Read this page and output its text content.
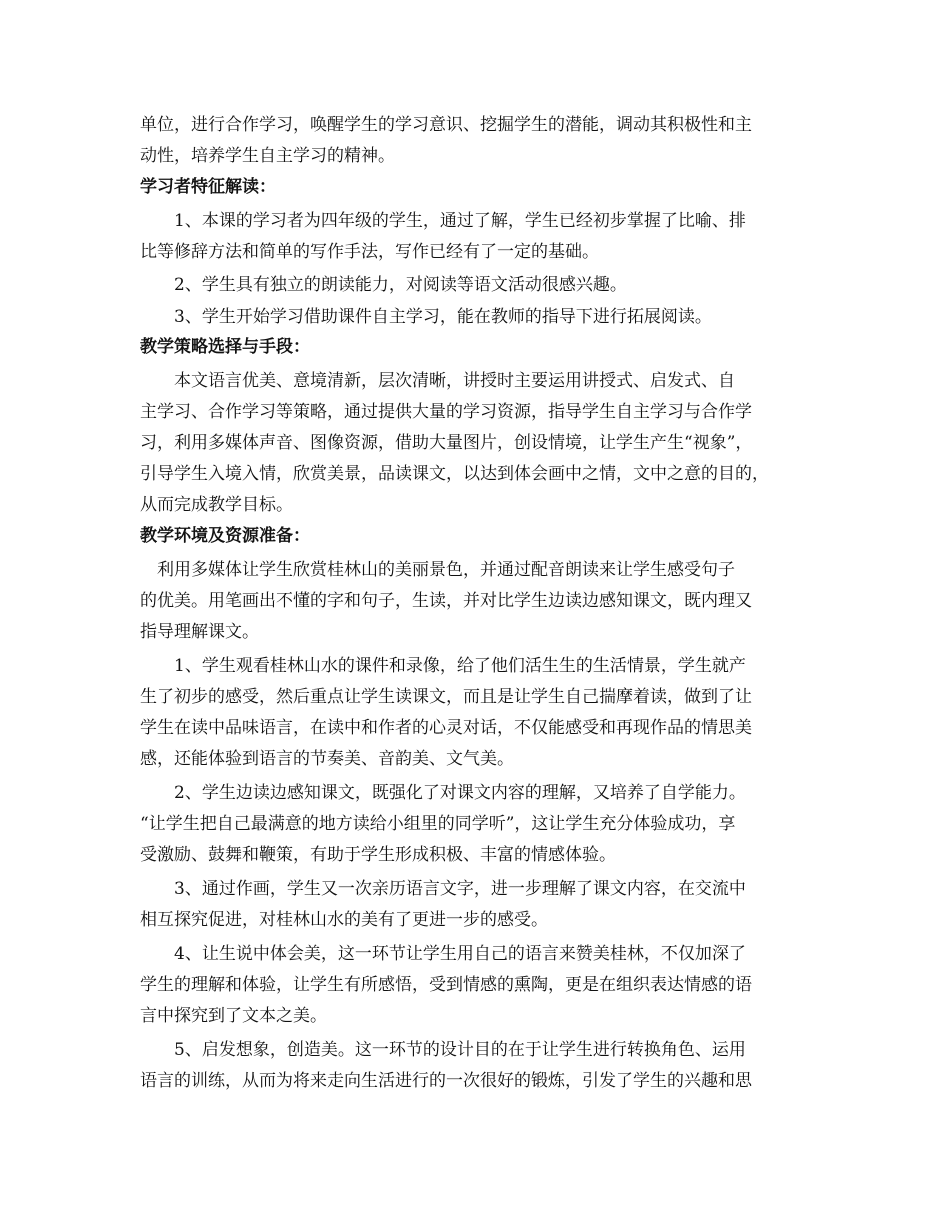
单位，进行合作学习，唤醒学生的学习意识、挖掘学生的潜能，调动其积极性和主
动性，培养学生自主学习的精神。
学习者特征解读：
　　1、本课的学习者为四年级的学生，通过了解，学生已经初步掌握了比喻、排
比等修辞方法和简单的写作手法，写作已经有了一定的基础。
　　2、学生具有独立的朗读能力，对阅读等语文活动很感兴趣。
　　3、学生开始学习借助课件自主学习，能在教师的指导下进行拓展阅读。
教学策略选择与手段：
　　本文语言优美、意境清新，层次清晰，讲授时主要运用讲授式、启发式、自
主学习、合作学习等策略，通过提供大量的学习资源，指导学生自主学习与合作学
习，利用多媒体声音、图像资源，借助大量图片，创设情境，让学生产生“视象”，
引导学生入境入情，欣赏美景，品读课文，以达到体会画中之情，文中之意的目的，
从而完成教学目标。
教学环境及资源准备：
　利用多媒体让学生欣赏桂林山的美丽景色，并通过配音朗读来让学生感受句子
的优美。用笔画出不懂的字和句子，生读，并对比学生边读边感知课文，既内理又
指导理解课文。
　　1、学生观看桂林山水的课件和录像，给了他们活生生的生活情景，学生就产
生了初步的感受，然后重点让学生读课文，而且是让学生自己揣摩着读，做到了让
学生在读中品味语言，在读中和作者的心灵对话，不仅能感受和再现作品的情思美
感，还能体验到语言的节奏美、音韵美、文气美。
　　2、学生边读边感知课文，既强化了对课文内容的理解，又培养了自学能力。
“让学生把自己最满意的地方读给小组里的同学听”，这让学生充分体验成功，享
受激励、鼓舞和鞭策，有助于学生形成积极、丰富的情感体验。
　　3、通过作画，学生又一次亲历语言文字，进一步理解了课文内容，在交流中
相互探究促进，对桂林山水的美有了更进一步的感受。
　　4、让生说中体会美，这一环节让学生用自己的语言来赞美桂林，不仅加深了
学生的理解和体验，让学生有所感悟，受到情感的熏陶，更是在组织表达情感的语
言中探究到了文本之美。
　　5、启发想象，创造美。这一环节的设计目的在于让学生进行转换角色、运用
语言的训练，从而为将来走向生活进行的一次很好的锻炼，引发了学生的兴趣和思
